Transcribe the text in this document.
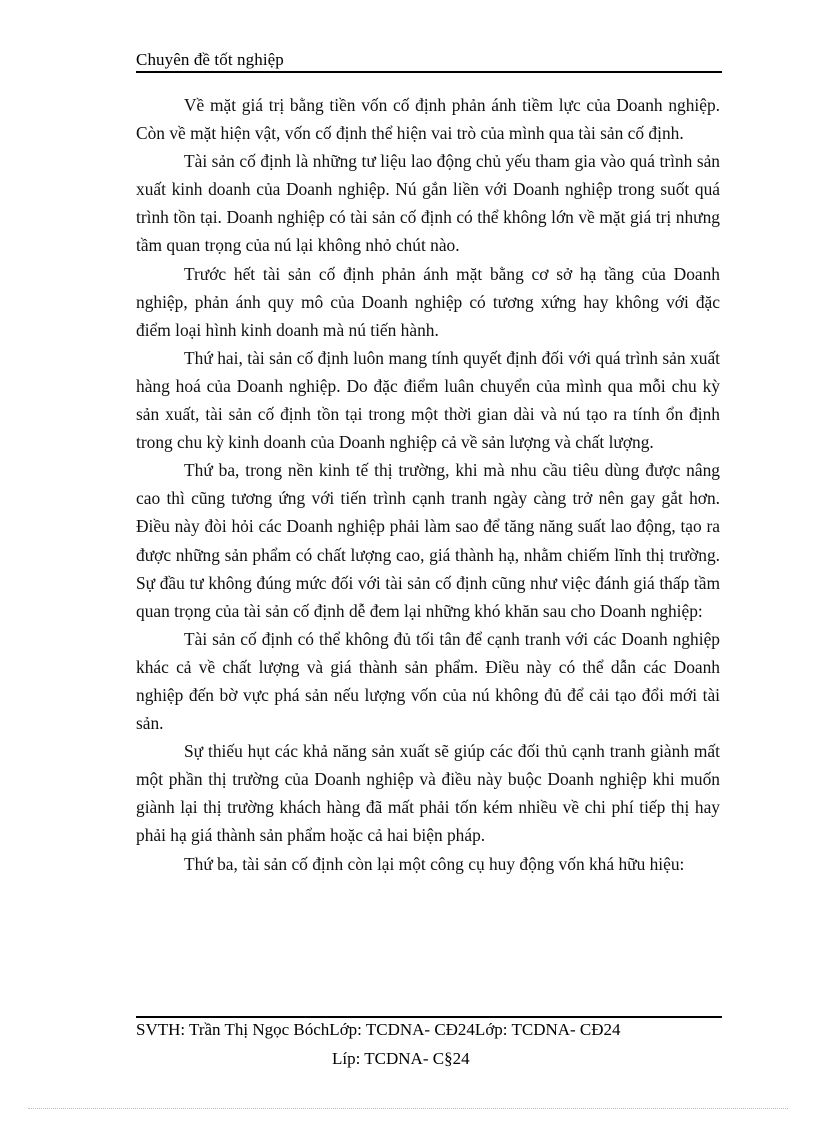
Chuyên đề tốt nghiệp

Về mặt giá trị bằng tiền vốn cố định phản ánh tiềm lực của Doanh nghiệp. Còn về mặt hiện vật, vốn cố định thể hiện vai trò của mình qua tài sản cố định.

Tài sản cố định là những tư liệu lao động chủ yếu tham gia vào quá trình sản xuất kinh doanh của Doanh nghiệp. Nú gắn liền với Doanh nghiệp trong suốt quá trình tồn tại. Doanh nghiệp có tài sản cố định có thể không lớn về mặt giá trị nhưng tầm quan trọng của nú lại không nhỏ chút nào.

Trước hết tài sản cố định phản ánh mặt bằng cơ sở hạ tầng của Doanh nghiệp, phản ánh quy mô của Doanh nghiệp có tương xứng hay không với đặc điểm loại hình kinh doanh mà nú tiến hành.

Thứ hai, tài sản cố định luôn mang tính quyết định đối với quá trình sản xuất hàng hoá của Doanh nghiệp. Do đặc điểm luân chuyển của mình qua mỗi chu kỳ sản xuất, tài sản cố định tồn tại trong một thời gian dài và nú tạo ra tính ổn định trong chu kỳ kinh doanh của Doanh nghiệp cả về sản lượng và chất lượng.

Thứ ba, trong nền kinh tế thị trường, khi mà nhu cầu tiêu dùng được nâng cao thì cũng tương ứng với tiến trình cạnh tranh ngày càng trở nên gay gắt hơn. Điều này đòi hỏi các Doanh nghiệp phải làm sao để tăng năng suất lao động, tạo ra được những sản phẩm có chất lượng cao, giá thành hạ, nhằm chiếm lĩnh thị trường. Sự đầu tư không đúng mức đối với tài sản cố định cũng như việc đánh giá thấp tầm quan trọng của tài sản cố định dễ đem lại những khó khăn sau cho Doanh nghiệp:

Tài sản cố định có thể không đủ tối tân để cạnh tranh với các Doanh nghiệp khác cả về chất lượng và giá thành sản phẩm. Điều này có thể dẫn các Doanh nghiệp đến bờ vực phá sản nếu lượng vốn của nú không đủ để cải tạo đổi mới tài sản.

Sự thiếu hụt các khả năng sản xuất sẽ giúp các đối thủ cạnh tranh giành mất một phần thị trường của Doanh nghiệp và điều này buộc Doanh nghiệp khi muốn giành lại thị trường khách hàng đã mất phải tốn kém nhiều về chi phí tiếp thị hay phải hạ giá thành sản phẩm hoặc cả hai biện pháp.

Thứ ba, tài sản cố định còn lại một công cụ huy động vốn khá hữu hiệu:

SVTH: Trần Thị Ngọc BóchLớp: TCDNA- CĐ24Lớp: TCDNA- CĐ24
Líp: TCDNA- C§24
